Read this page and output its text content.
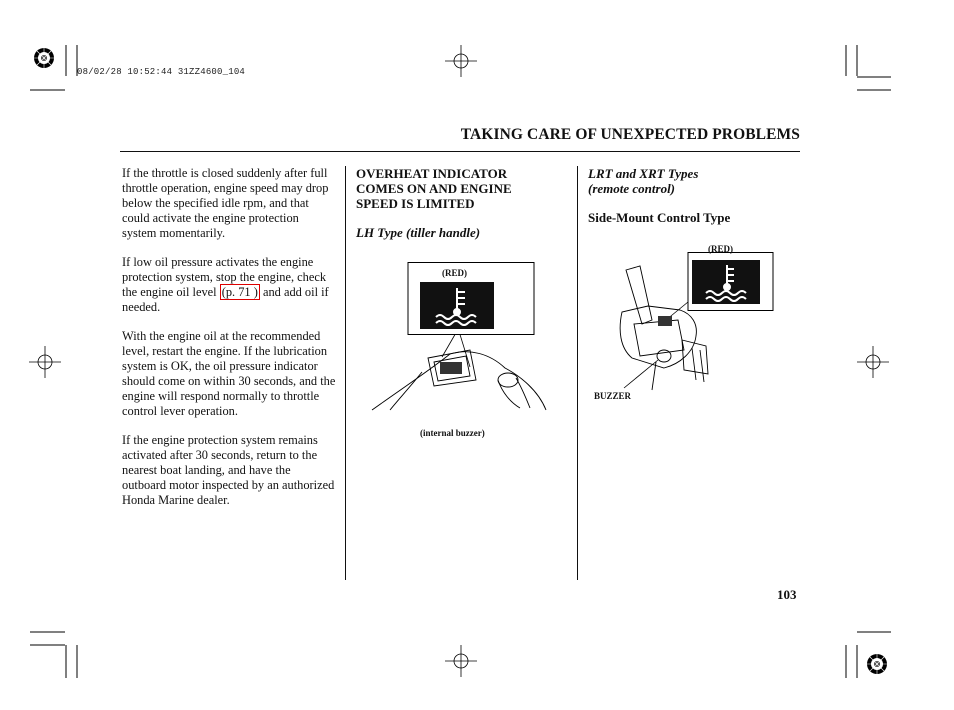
08/02/28 10:52:44 31ZZ4600_104
TAKING CARE OF UNEXPECTED PROBLEMS

If the throttle is closed suddenly after full throttle operation, engine speed may drop below the specified idle rpm, and that could activate the engine protection system momentarily.

If low oil pressure activates the engine protection system, stop the engine, check the engine oil level (p. 71 ) and add oil if needed.

With the engine oil at the recommended level, restart the engine. If the lubrication system is OK, the oil pressure indicator should come on within 30 seconds, and the engine will respond normally to throttle control lever operation.

If the engine protection system remains activated after 30 seconds, return to the nearest boat landing, and have the outboard motor inspected by an authorized Honda Marine dealer.

OVERHEAT INDICATOR
COMES ON AND ENGINE
SPEED IS LIMITED
LH Type (tiller handle)
(RED)
(internal buzzer)
LRT and XRT Types
(remote control)
Side-Mount Control Type
(RED)
BUZZER
103
